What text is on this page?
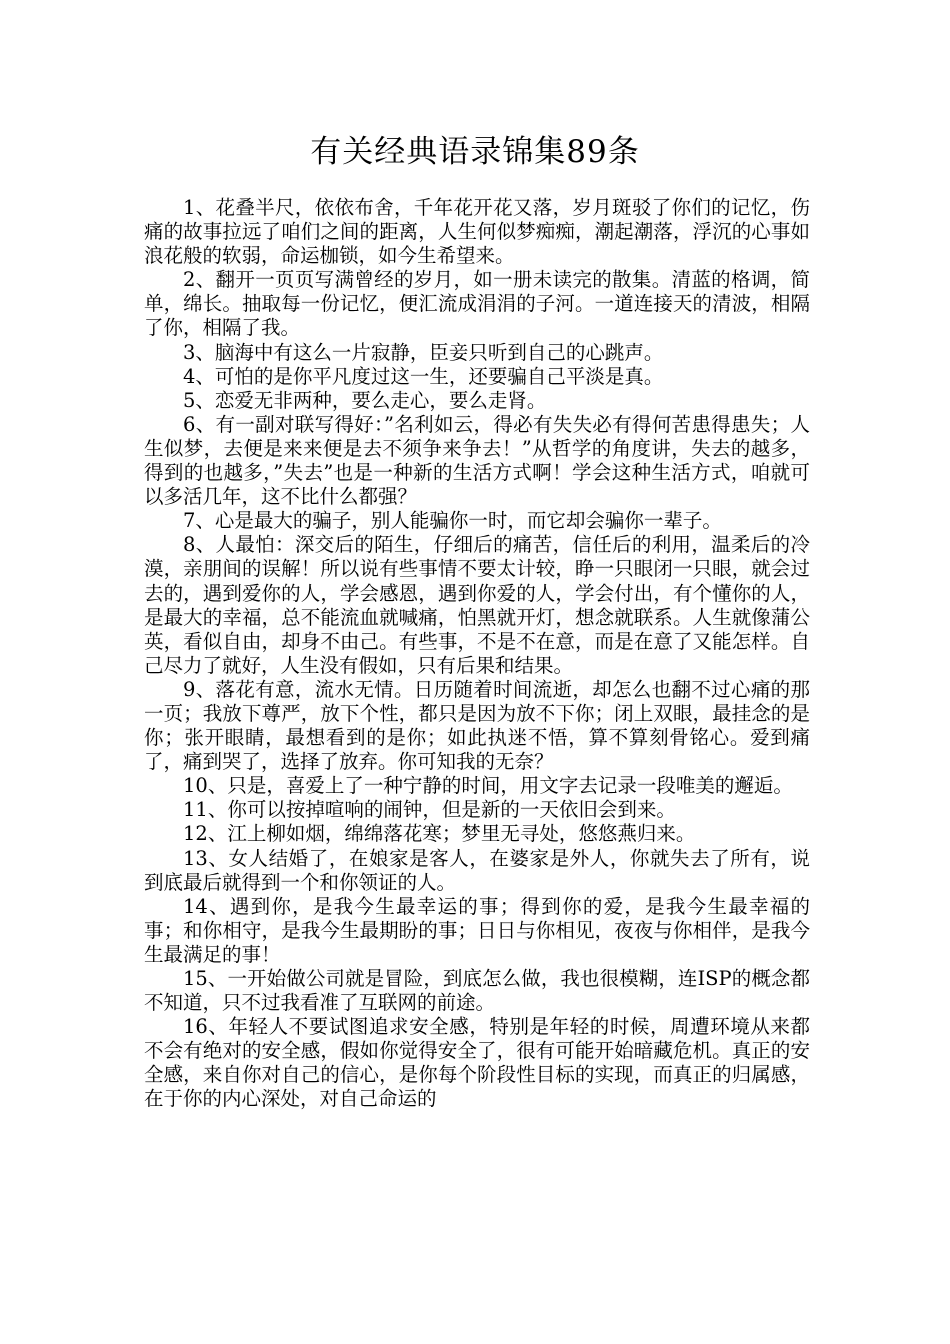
有关经典语录锦集89条

1、花叠半尺，依依布舍，千年花开花又落，岁月斑驳了你们的记忆，伤痛的故事拉远了咱们之间的距离，人生何似梦痴痴，潮起潮落，浮沉的心事如浪花般的软弱，命运枷锁，如今生希望来。

2、翻开一页页写满曾经的岁月，如一册未读完的散集。清蓝的格调，简单，绵长。抽取每一份记忆，便汇流成涓涓的子河。一道连接天的清波，相隔了你，相隔了我。

3、脑海中有这么一片寂静，臣妾只听到自己的心跳声。

4、可怕的是你平凡度过这一生，还要骗自己平淡是真。

5、恋爱无非两种，要么走心，要么走肾。

6、有一副对联写得好：”名利如云，得必有失失必有得何苦患得患失；人生似梦，去便是来来便是去不须争来争去！”从哲学的角度讲，失去的越多，得到的也越多，”失去”也是一种新的生活方式啊！学会这种生活方式，咱就可以多活几年，这不比什么都强？

7、心是最大的骗子，别人能骗你一时，而它却会骗你一辈子。

8、人最怕：深交后的陌生，仔细后的痛苦，信任后的利用，温柔后的冷漠，亲朋间的误解！所以说有些事情不要太计较，睁一只眼闭一只眼，就会过去的，遇到爱你的人，学会感恩，遇到你爱的人，学会付出，有个懂你的人，是最大的幸福，总不能流血就喊痛，怕黑就开灯，想念就联系。人生就像蒲公英，看似自由，却身不由己。有些事，不是不在意，而是在意了又能怎样。自己尽力了就好，人生没有假如，只有后果和结果。

9、落花有意，流水无情。日历随着时间流逝，却怎么也翻不过心痛的那一页；我放下尊严，放下个性，都只是因为放不下你；闭上双眼，最挂念的是你；张开眼睛，最想看到的是你；如此执迷不悟，算不算刻骨铭心。爱到痛了，痛到哭了，选择了放弃。你可知我的无奈？

10、只是，喜爱上了一种宁静的时间，用文字去记录一段唯美的邂逅。

11、你可以按掉喧响的闹钟，但是新的一天依旧会到来。

12、江上柳如烟，绵绵落花寒；梦里无寻处，悠悠燕归来。

13、女人结婚了，在娘家是客人，在婆家是外人，你就失去了所有，说到底最后就得到一个和你领证的人。

14、遇到你，是我今生最幸运的事；得到你的爱，是我今生最幸福的事；和你相守，是我今生最期盼的事；日日与你相见，夜夜与你相伴，是我今生最满足的事！

15、一开始做公司就是冒险，到底怎么做，我也很模糊，连ISP的概念都不知道，只不过我看准了互联网的前途。

16、年轻人不要试图追求安全感，特别是年轻的时候，周遭环境从来都不会有绝对的安全感，假如你觉得安全了，很有可能开始暗藏危机。真正的安全感，来自你对自己的信心，是你每个阶段性目标的实现，而真正的归属感，在于你的内心深处，对自己命运的
